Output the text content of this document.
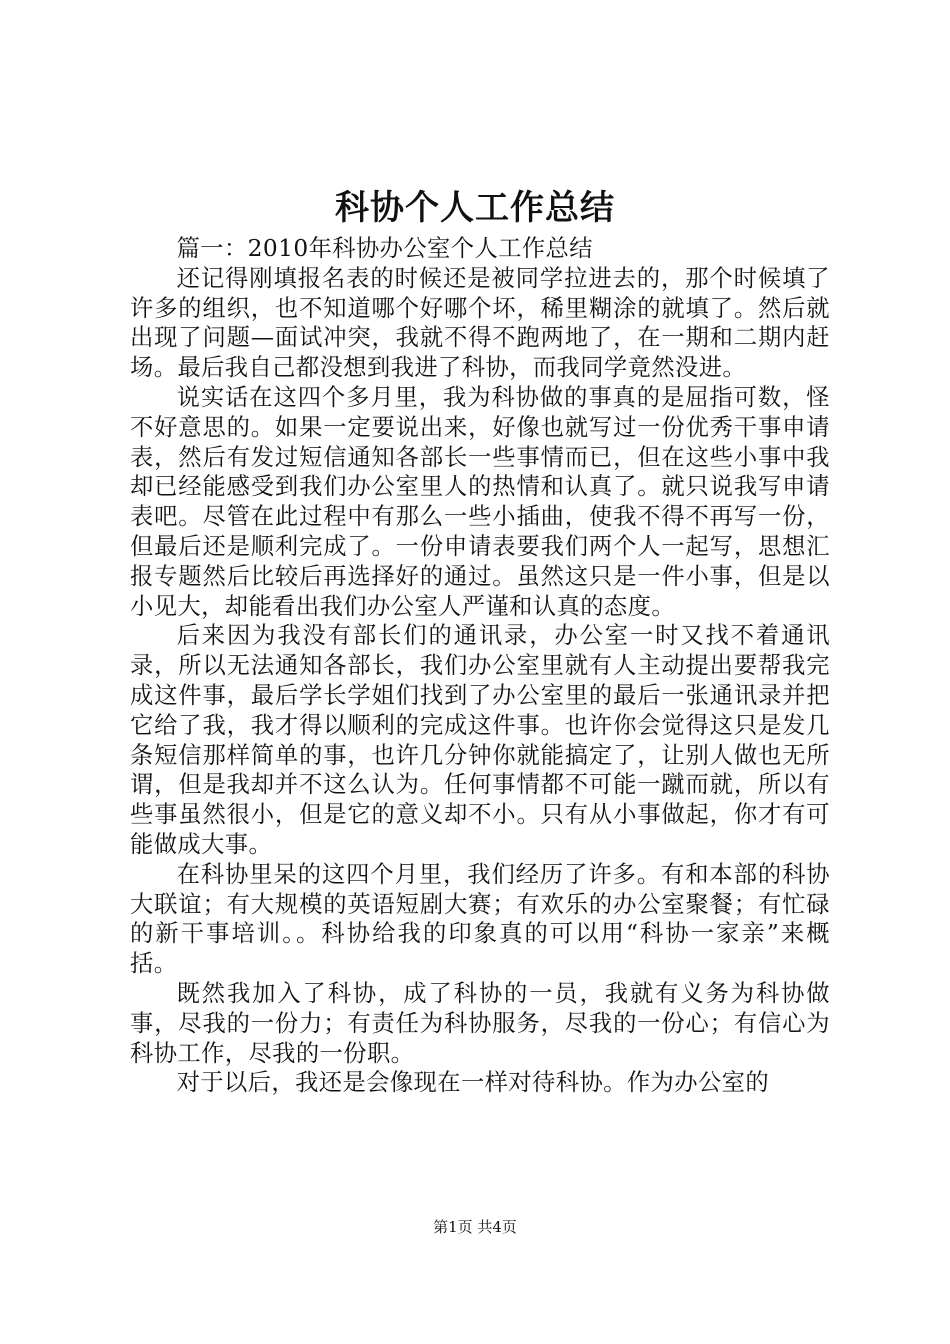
科协个人工作总结

篇一：2010年科协办公室个人工作总结

还记得刚填报名表的时候还是被同学拉进去的，那个时候填了许多的组织，也不知道哪个好哪个坏，稀里糊涂的就填了。然后就出现了问题—面试冲突，我就不得不跑两地了，在一期和二期内赶场。最后我自己都没想到我进了科协，而我同学竟然没进。

说实话在这四个多月里，我为科协做的事真的是屈指可数，怪不好意思的。如果一定要说出来，好像也就写过一份优秀干事申请表，然后有发过短信通知各部长一些事情而已，但在这些小事中我却已经能感受到我们办公室里人的热情和认真了。就只说我写申请表吧。尽管在此过程中有那么一些小插曲，使我不得不再写一份，但最后还是顺利完成了。一份申请表要我们两个人一起写，思想汇报专题然后比较后再选择好的通过。虽然这只是一件小事，但是以小见大，却能看出我们办公室人严谨和认真的态度。

后来因为我没有部长们的通讯录，办公室一时又找不着通讯录，所以无法通知各部长，我们办公室里就有人主动提出要帮我完成这件事，最后学长学姐们找到了办公室里的最后一张通讯录并把它给了我，我才得以顺利的完成这件事。也许你会觉得这只是发几条短信那样简单的事，也许几分钟你就能搞定了，让别人做也无所谓，但是我却并不这么认为。任何事情都不可能一蹴而就，所以有些事虽然很小，但是它的意义却不小。只有从小事做起，你才有可能做成大事。

在科协里呆的这四个月里，我们经历了许多。有和本部的科协大联谊；有大规模的英语短剧大赛；有欢乐的办公室聚餐；有忙碌的新干事培训。。科协给我的印象真的可以用“科协一家亲”来概括。

既然我加入了科协，成了科协的一员，我就有义务为科协做事，尽我的一份力；有责任为科协服务，尽我的一份心；有信心为科协工作，尽我的一份职。

对于以后，我还是会像现在一样对待科协。作为办公室的

第1页 共4页
